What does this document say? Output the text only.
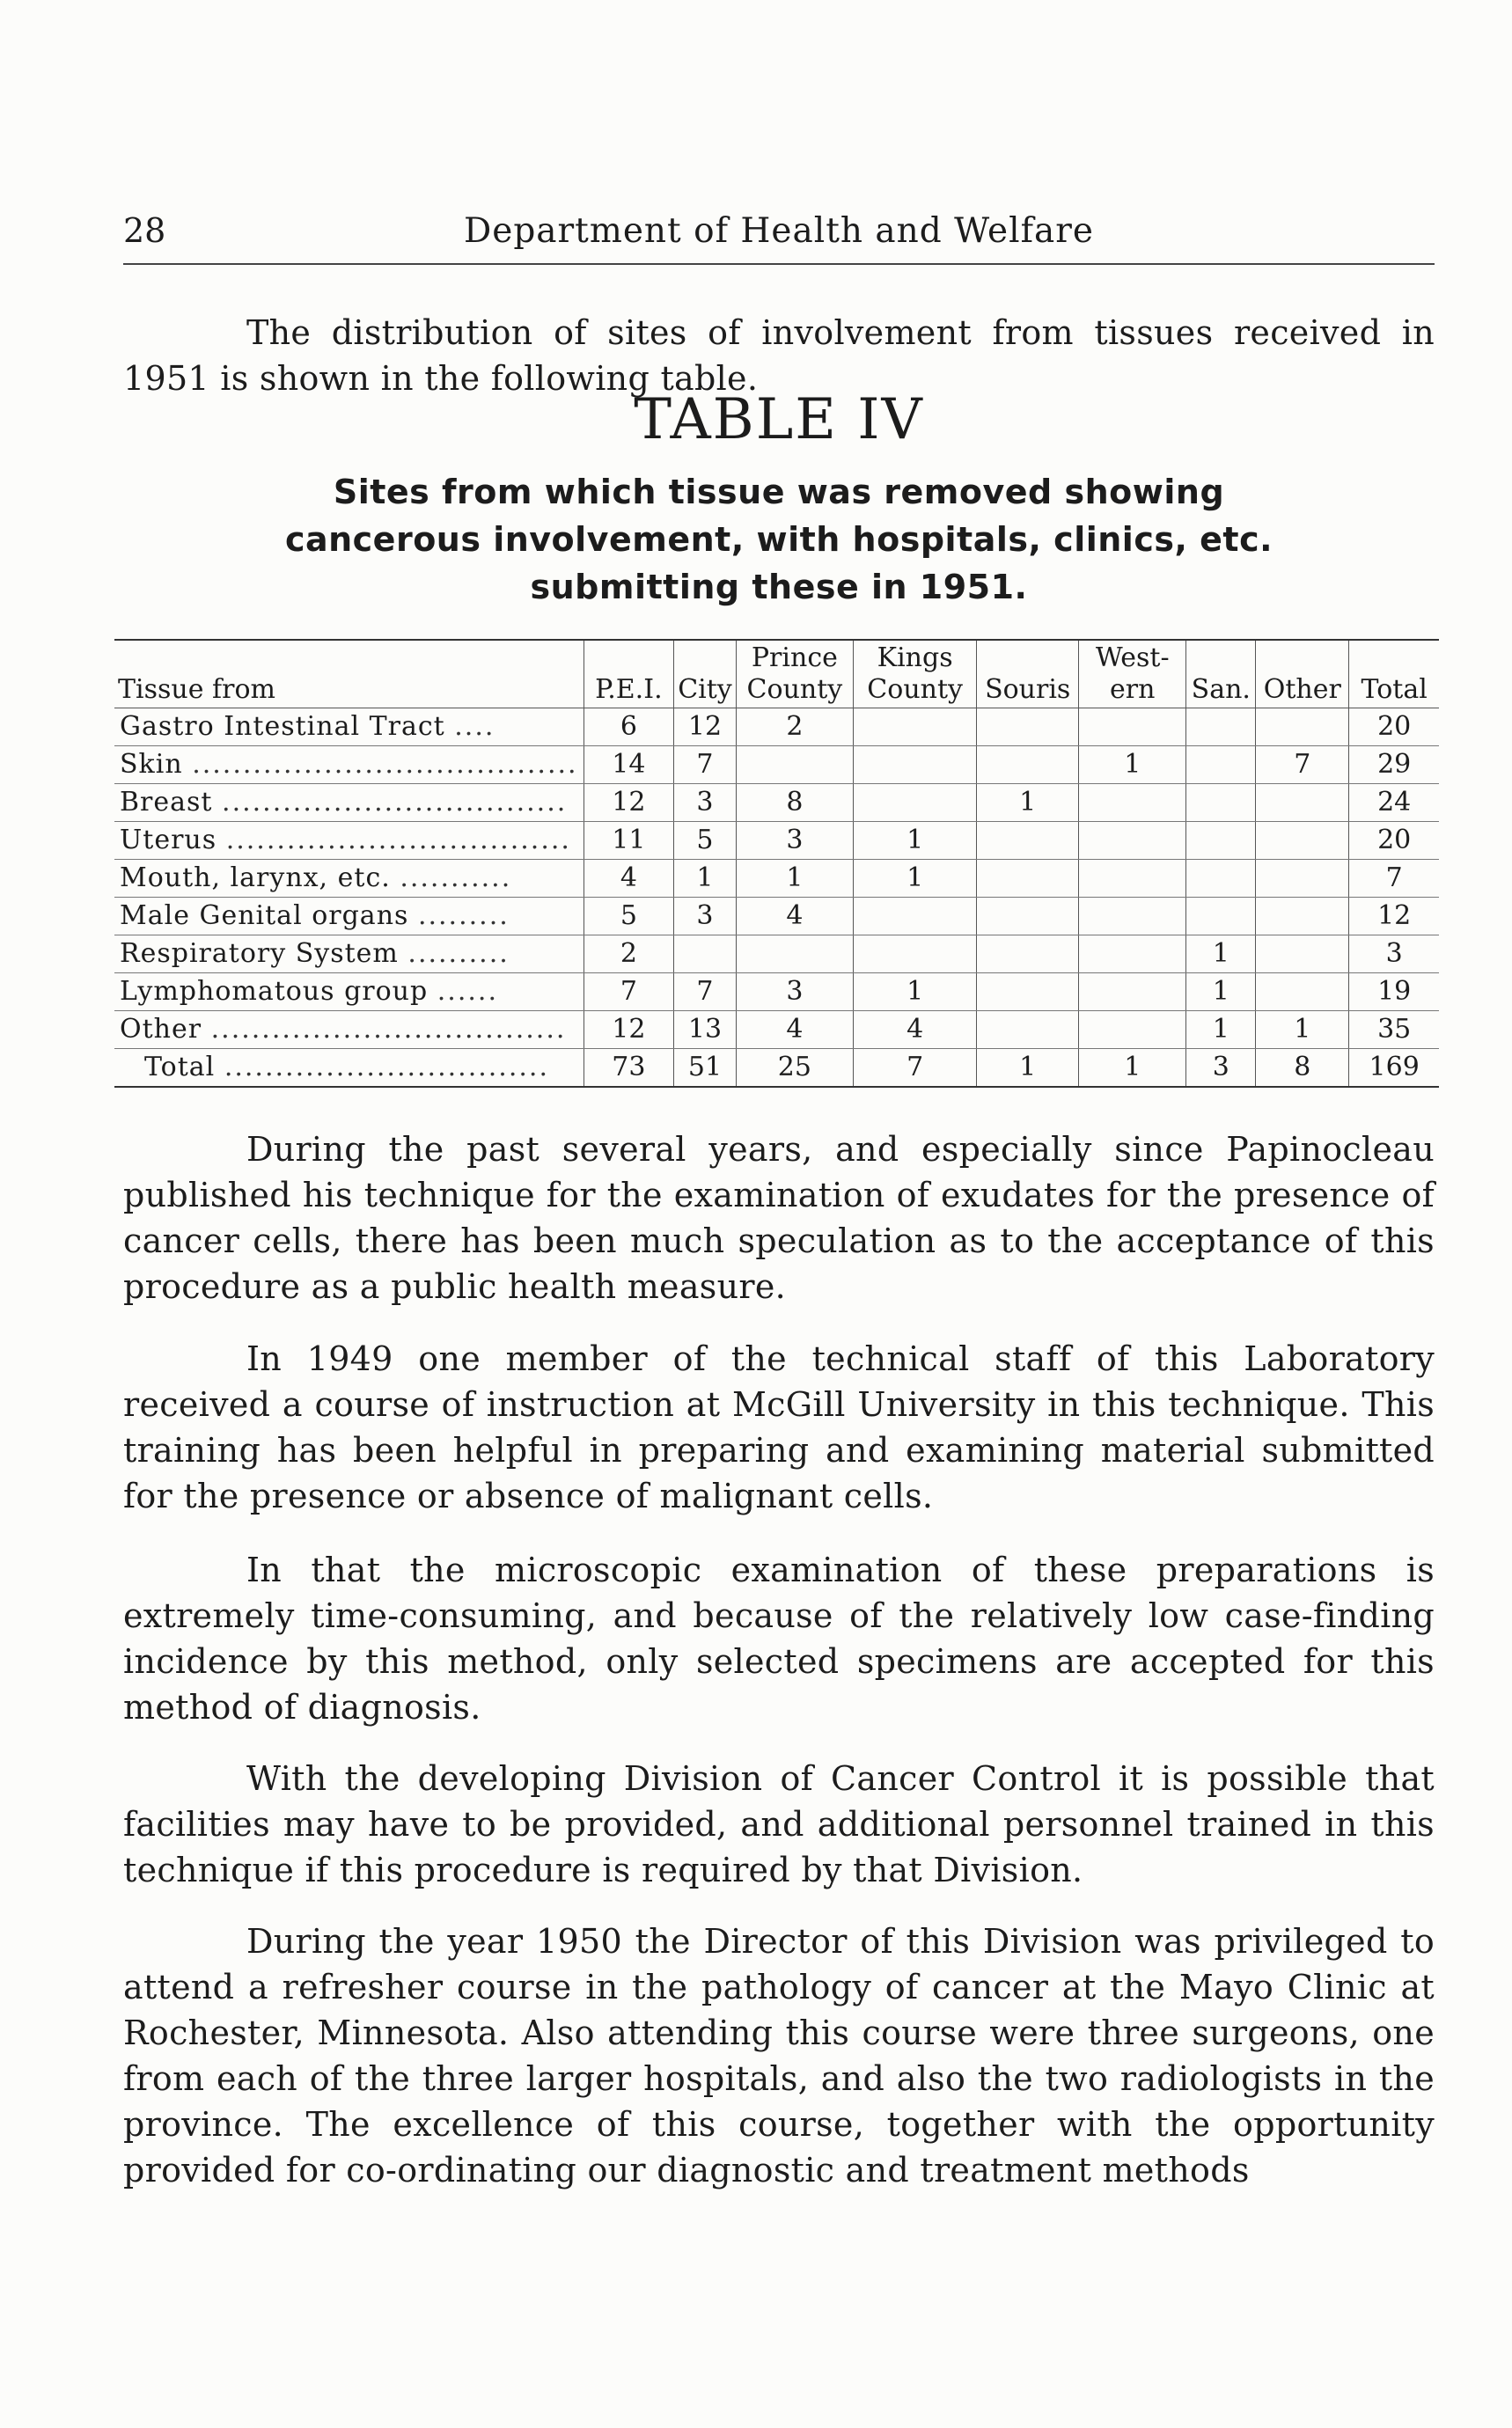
28	Department of Health and Welfare

The distribution of sites of involvement from tissues received in 1951 is shown in the following table.

TABLE IV
Sites from which tissue was removed showing cancerous involvement, with hospitals, clinics, etc. submitting these in 1951.
Tissue from	P.E.I.	City	Prince County	Kings County	Souris	West- ern	San.	Other	Total
Gastro Intestinal Tract ....	6	12	2						20
Skin ......................................	14	7				1		7	29
Breast ..................................	12	3	8		1				24
Uterus ..................................	11	5	3	1					20
Mouth, larynx, etc. ...........	4	1	1	1					7
Male Genital organs .........	5	3	4						12
Respiratory System ..........	2						1		3
Lymphomatous group ......	7	7	3	1			1		19
Other ...................................	12	13	4	4			1	1	35
Total ................................	73	51	25	7	1	1	3	8	169

During the past several years, and especially since Papinocleau published his technique for the examination of exudates for the presence of cancer cells, there has been much speculation as to the acceptance of this procedure as a public health measure.

In 1949 one member of the technical staff of this Laboratory received a course of instruction at McGill University in this technique. This training has been helpful in preparing and examining material submitted for the presence or absence of malignant cells.

In that the microscopic examination of these preparations is extremely time-consuming, and because of the relatively low case-finding incidence by this method, only selected specimens are accepted for this method of diagnosis.

With the developing Division of Cancer Control it is possible that facilities may have to be provided, and additional personnel trained in this technique if this procedure is required by that Division.

During the year 1950 the Director of this Division was privileged to attend a refresher course in the pathology of cancer at the Mayo Clinic at Rochester, Minnesota. Also attending this course were three surgeons, one from each of the three larger hospitals, and also the two radiologists in the province. The excellence of this course, together with the opportunity provided for co-ordinating our diagnostic and treatment methods
